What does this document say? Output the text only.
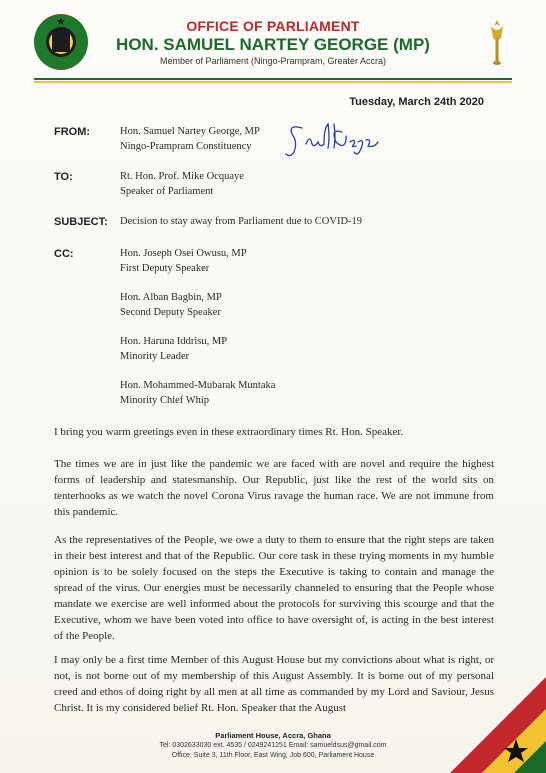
★	OFFICE OF PARLIAMENT
HON. SAMUEL NARTEY GEORGE (MP)
Member of Parliament (Ningo-Prampram, Greater Accra)
Tuesday, March 24th 2020
FROM:	Hon. Samuel Nartey George, MP
Ningo-Prampram Constituency
TO:	Rt. Hon. Prof. Mike Ocquaye
Speaker of Parliament
SUBJECT: Decision to stay away from Parliament due to COVID-19
CC:	Hon. Joseph Osei Owusu, MP
First Deputy Speaker
Hon. Alban Bagbin, MP
Second Deputy Speaker
Hon. Haruna Iddrisu, MP
Minority Leader
Hon. Mohammed-Mubarak Muntaka
Minority Chief Whip

I bring you warm greetings even in these extraordinary times Rt. Hon. Speaker.

The times we are in just like the pandemic we are faced with are novel and require the highest forms of leadership and statesmanship. Our Republic, just like the rest of the world sits on tenterhooks as we watch the novel Corona Virus ravage the human race. We are not immune from this pandemic.

As the representatives of the People, we owe a duty to them to ensure that the right steps are taken in their best interest and that of the Republic. Our core task in these trying moments in my humble opinion is to be solely focused on the steps the Executive is taking to contain and manage the spread of the virus. Our energies must be necessarily channeled to ensuring that the People whose mandate we exercise are well informed about the protocols for surviving this scourge and that the Executive, whom we have been voted into office to have oversight of, is acting in the best interest of the People.

I may only be a first time Member of this August House but my convictions about what is right, or not, is not borne out of my membership of this August Assembly. It is borne out of my personal creed and ethos of doing right by all men at all time as commanded by my Lord and Saviour, Jesus Christ. It is my considered belief Rt. Hon. Speaker that the August

Parliament House, Accra, Ghana
Tel: 0302633030 ext. 4535 / 0249241251 Email: samueldsus@gmail.com
Office: Suite 3, 11th Floor, East Wing, Job 600, Parliament House
